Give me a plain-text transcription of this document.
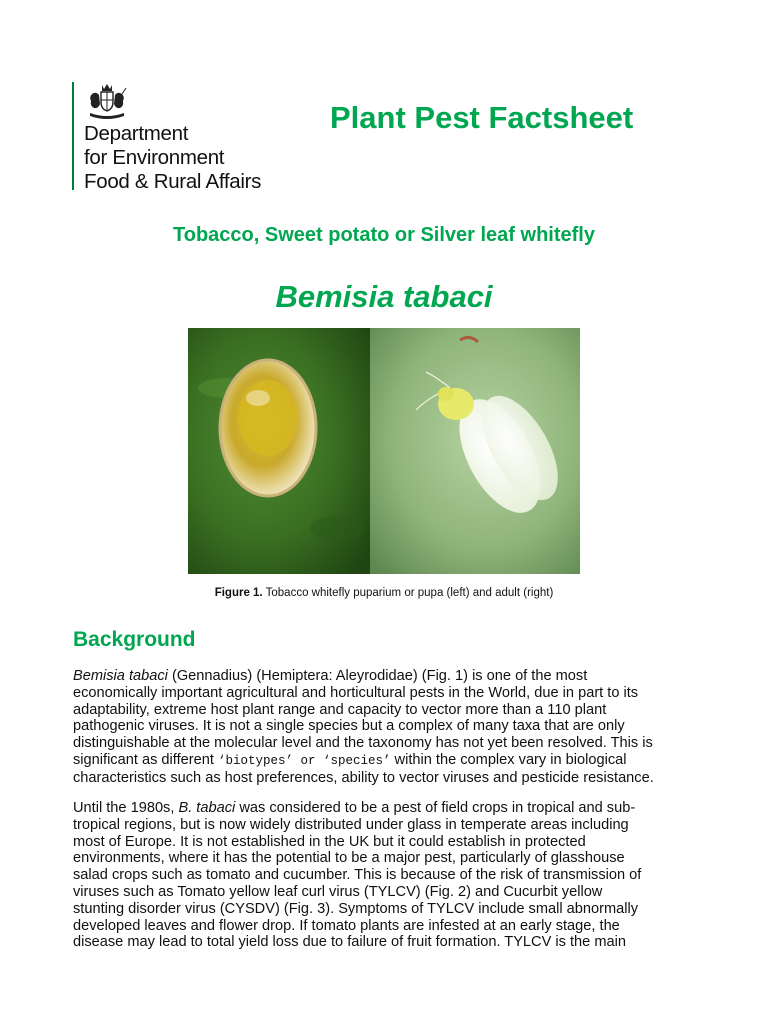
Department
for Environment
Food & Rural Affairs
Plant Pest Factsheet
Tobacco, Sweet potato or Silver leaf whitefly
Bemisia tabaci
Figure 1. Tobacco whitefly puparium or pupa (left) and adult (right)
Background
Bemisia tabaci (Gennadius) (Hemiptera: Aleyrodidae) (Fig. 1) is one of the most
economically important agricultural and horticultural pests in the World, due in part to its
adaptability, extreme host plant range and capacity to vector more than a 110 plant
pathogenic viruses. It is not a single species but a complex of many taxa that are only
distinguishable at the molecular level and the taxonomy has not yet been resolved. This is
significant as different ‘biotypes’ or ‘species’ within the complex vary in biological
characteristics such as host preferences, ability to vector viruses and pesticide resistance.
Until the 1980s, B. tabaci was considered to be a pest of field crops in tropical and sub-
tropical regions, but is now widely distributed under glass in temperate areas including
most of Europe. It is not established in the UK but it could establish in protected
environments, where it has the potential to be a major pest, particularly of glasshouse
salad crops such as tomato and cucumber. This is because of the risk of transmission of
viruses such as Tomato yellow leaf curl virus (TYLCV) (Fig. 2) and Cucurbit yellow
stunting disorder virus (CYSDV) (Fig. 3). Symptoms of TYLCV include small abnormally
developed leaves and flower drop. If tomato plants are infested at an early stage, the
disease may lead to total yield loss due to failure of fruit formation. TYLCV is the main
